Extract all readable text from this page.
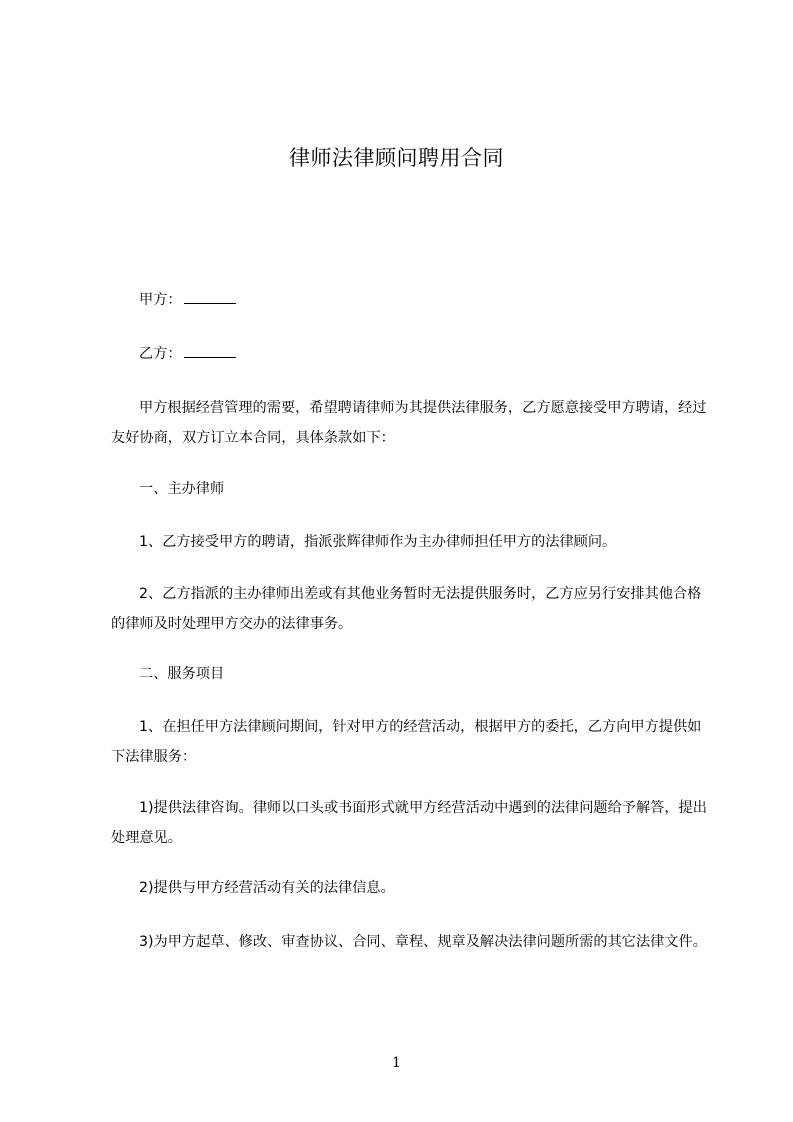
律师法律顾问聘用合同
甲方：
乙方：
甲方根据经营管理的需要，希望聘请律师为其提供法律服务，乙方愿意接受甲方聘请，经过友好协商，双方订立本合同，具体条款如下：
一、主办律师
1、乙方接受甲方的聘请，指派张辉律师作为主办律师担任甲方的法律顾问。
2、乙方指派的主办律师出差或有其他业务暂时无法提供服务时，乙方应另行安排其他合格的律师及时处理甲方交办的法律事务。
二、服务项目
1、在担任甲方法律顾问期间，针对甲方的经营活动，根据甲方的委托，乙方向甲方提供如下法律服务：
1)提供法律咨询。律师以口头或书面形式就甲方经营活动中遇到的法律问题给予解答，提出处理意见。
2)提供与甲方经营活动有关的法律信息。
3)为甲方起草、修改、审查协议、合同、章程、规章及解决法律问题所需的其它法律文件。
1
